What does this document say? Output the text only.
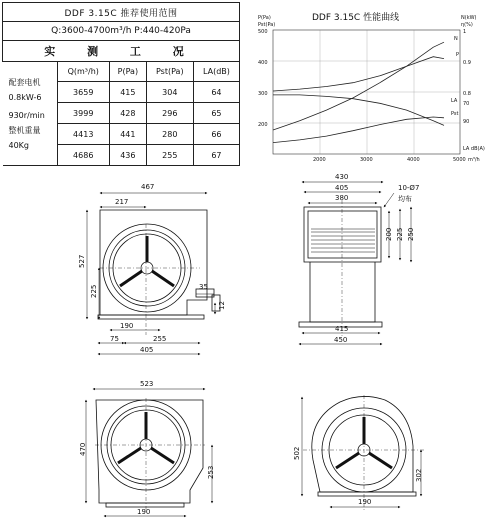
DDF 3.15C 推荐使用范围				
Q:3600-4700m³/h P:440-420Pa				
实 测 工 况				

配套电机
0.8kW-6
930r/min
整机重量
40Kg	Q(m³/h)	P(Pa)	Pst(Pa)	LA(dB)
	3659	415	304	64
	3999	428	296	65
	4413	441	280	66
	4686	436	255	67
DDF 3.15C 性能曲线
P(Pa)
Pst(Pa)
N(kW)
η(%)
500
400
300
200
1
0.9
0.8
70
90
LA dB(A)
2000	3000	4000	5000 m³/h
N
P
LA
Pst
467
217
527
225	35
12
190
75	255
405
430
405
380
10-Ø7
均布
200 225 250
415
450
523
470
253
190
502
302
190
